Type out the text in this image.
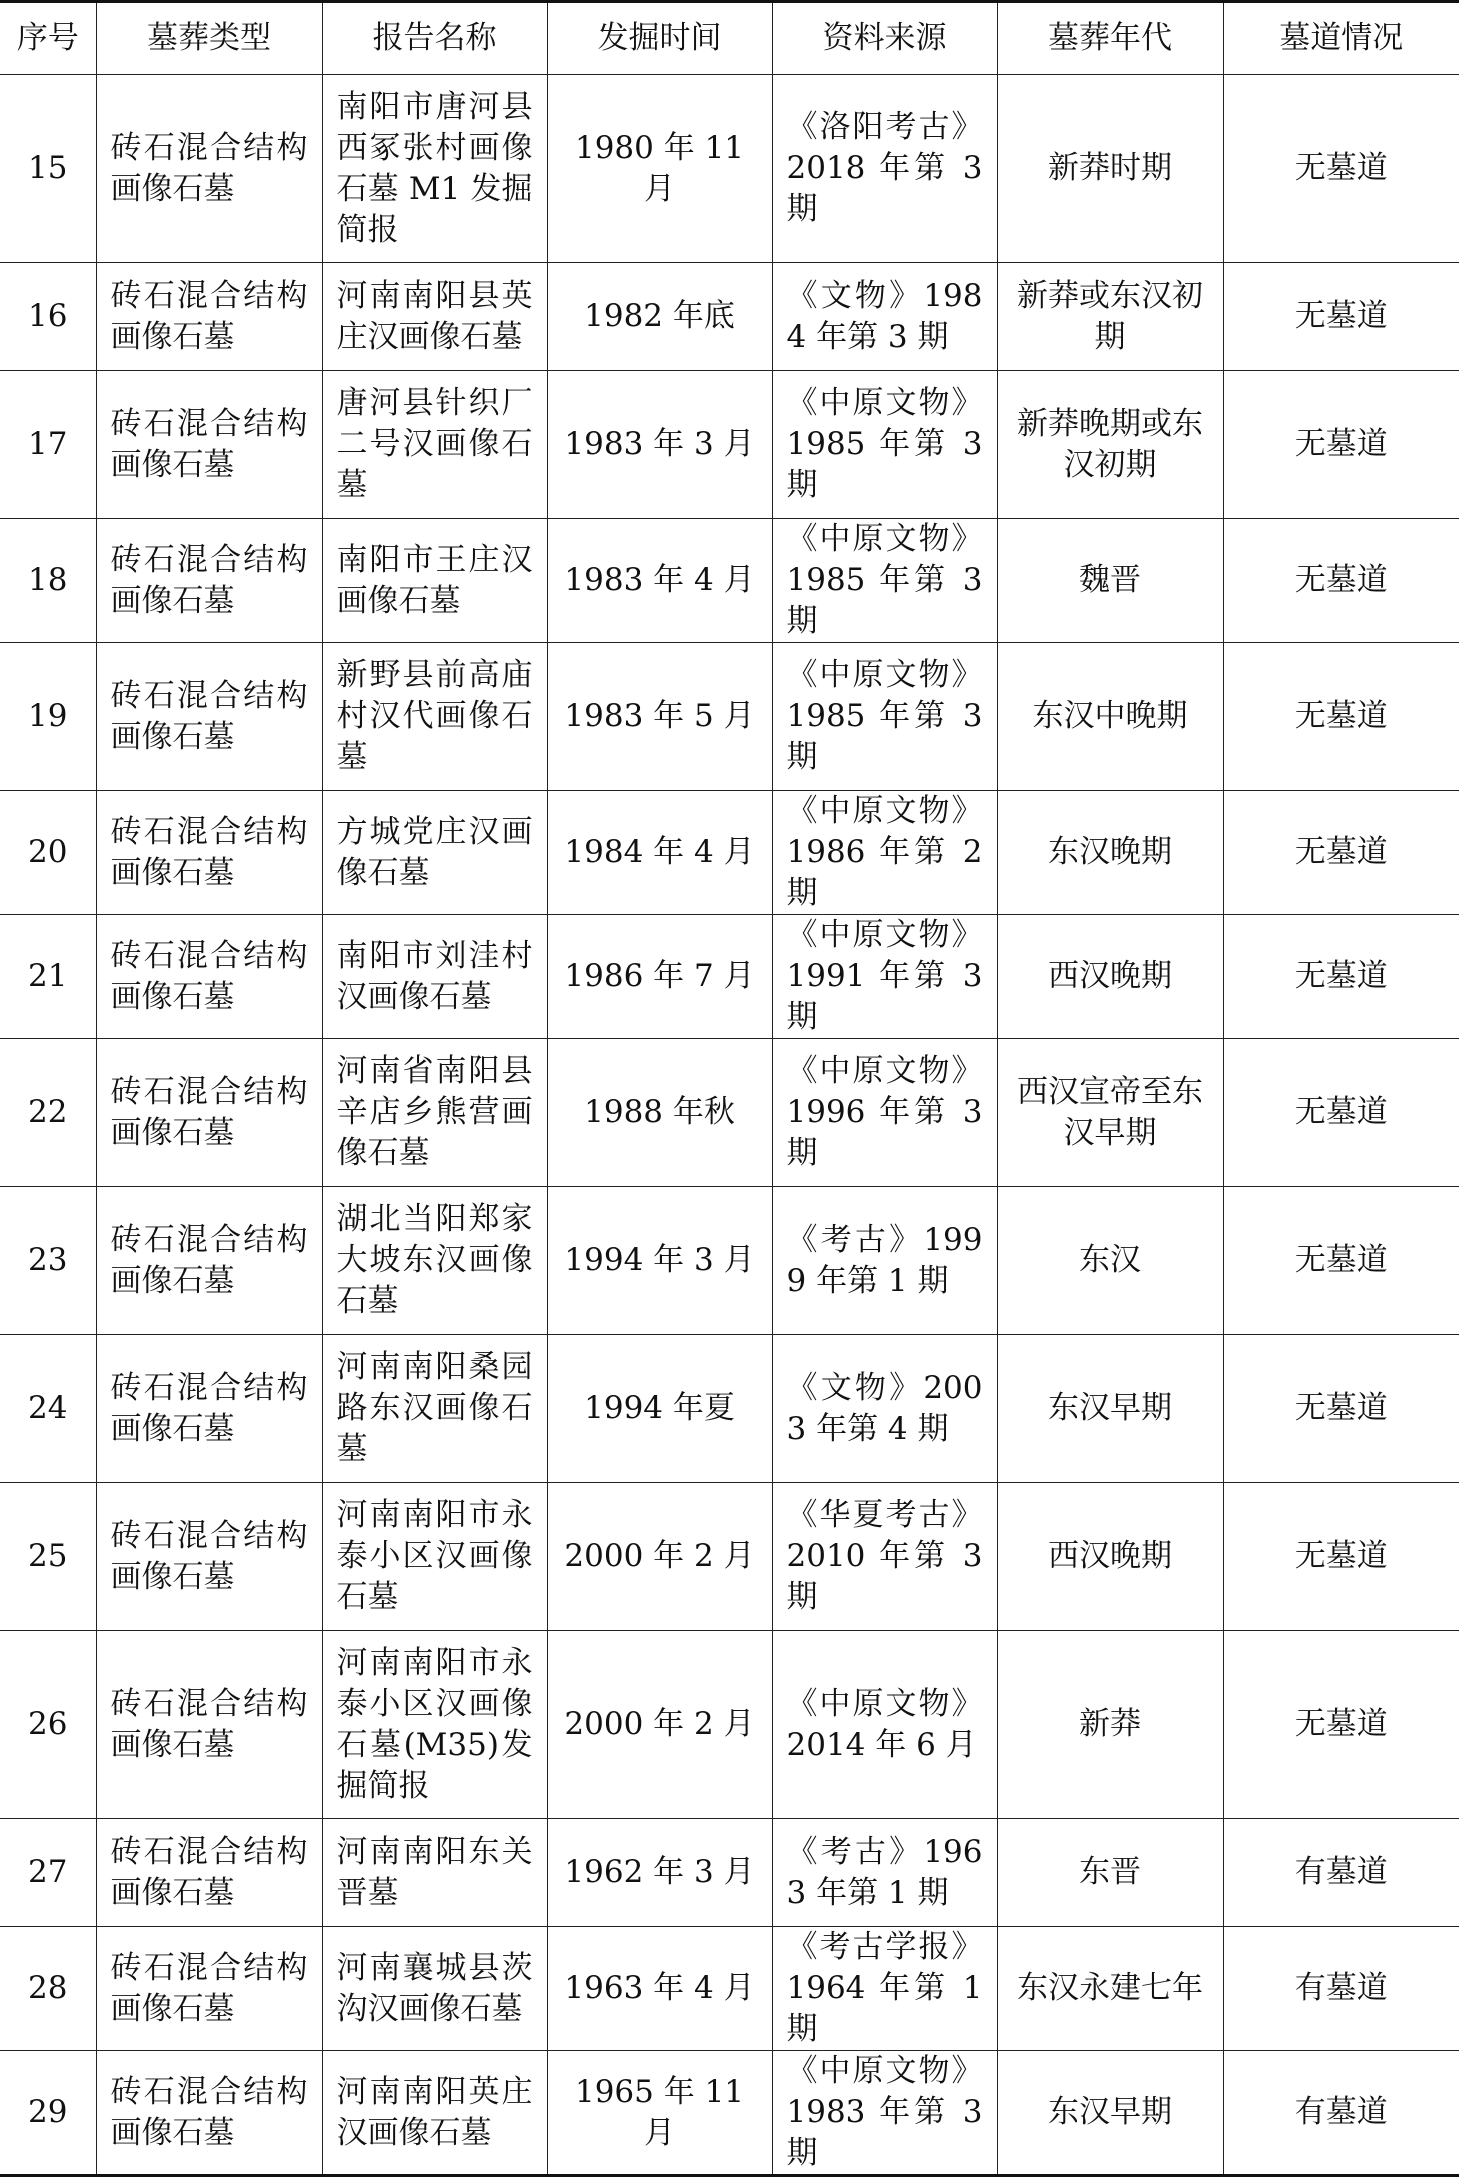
序号	墓葬类型	报告名称	发掘时间	资料来源	墓葬年代	墓道情况
15	砖石混合结构画像石墓	南阳市唐河县西冢张村画像石墓 M1 发掘简报	1980 年 11 月	《洛阳考古》2018 年第 3 期	新莽时期	无墓道
16	砖石混合结构画像石墓	河南南阳县英庄汉画像石墓	1982 年底	《文物》1984 年第 3 期	新莽或东汉初期	无墓道
17	砖石混合结构画像石墓	唐河县针织厂二号汉画像石墓	1983 年 3 月	《中原文物》1985 年第 3 期	新莽晚期或东汉初期	无墓道
18	砖石混合结构画像石墓	南阳市王庄汉画像石墓	1983 年 4 月	《中原文物》1985 年第 3 期	魏晋	无墓道
19	砖石混合结构画像石墓	新野县前高庙村汉代画像石墓	1983 年 5 月	《中原文物》1985 年第 3 期	东汉中晚期	无墓道
20	砖石混合结构画像石墓	方城党庄汉画像石墓	1984 年 4 月	《中原文物》1986 年第 2 期	东汉晚期	无墓道
21	砖石混合结构画像石墓	南阳市刘洼村汉画像石墓	1986 年 7 月	《中原文物》1991 年第 3 期	西汉晚期	无墓道
22	砖石混合结构画像石墓	河南省南阳县辛店乡熊营画像石墓	1988 年秋	《中原文物》1996 年第 3 期	西汉宣帝至东汉早期	无墓道
23	砖石混合结构画像石墓	湖北当阳郑家大坡东汉画像石墓	1994 年 3 月	《考古》1999 年第 1 期	东汉	无墓道
24	砖石混合结构画像石墓	河南南阳桑园路东汉画像石墓	1994 年夏	《文物》2003 年第 4 期	东汉早期	无墓道
25	砖石混合结构画像石墓	河南南阳市永泰小区汉画像石墓	2000 年 2 月	《华夏考古》2010 年第 3 期	西汉晚期	无墓道
26	砖石混合结构画像石墓	河南南阳市永泰小区汉画像石墓(M35)发掘简报	2000 年 2 月	《中原文物》2014 年 6 月	新莽	无墓道
27	砖石混合结构画像石墓	河南南阳东关晋墓	1962 年 3 月	《考古》1963 年第 1 期	东晋	有墓道
28	砖石混合结构画像石墓	河南襄城县茨沟汉画像石墓	1963 年 4 月	《考古学报》1964 年第 1 期	东汉永建七年	有墓道
29	砖石混合结构画像石墓	河南南阳英庄汉画像石墓	1965 年 11 月	《中原文物》1983 年第 3 期	东汉早期	有墓道
